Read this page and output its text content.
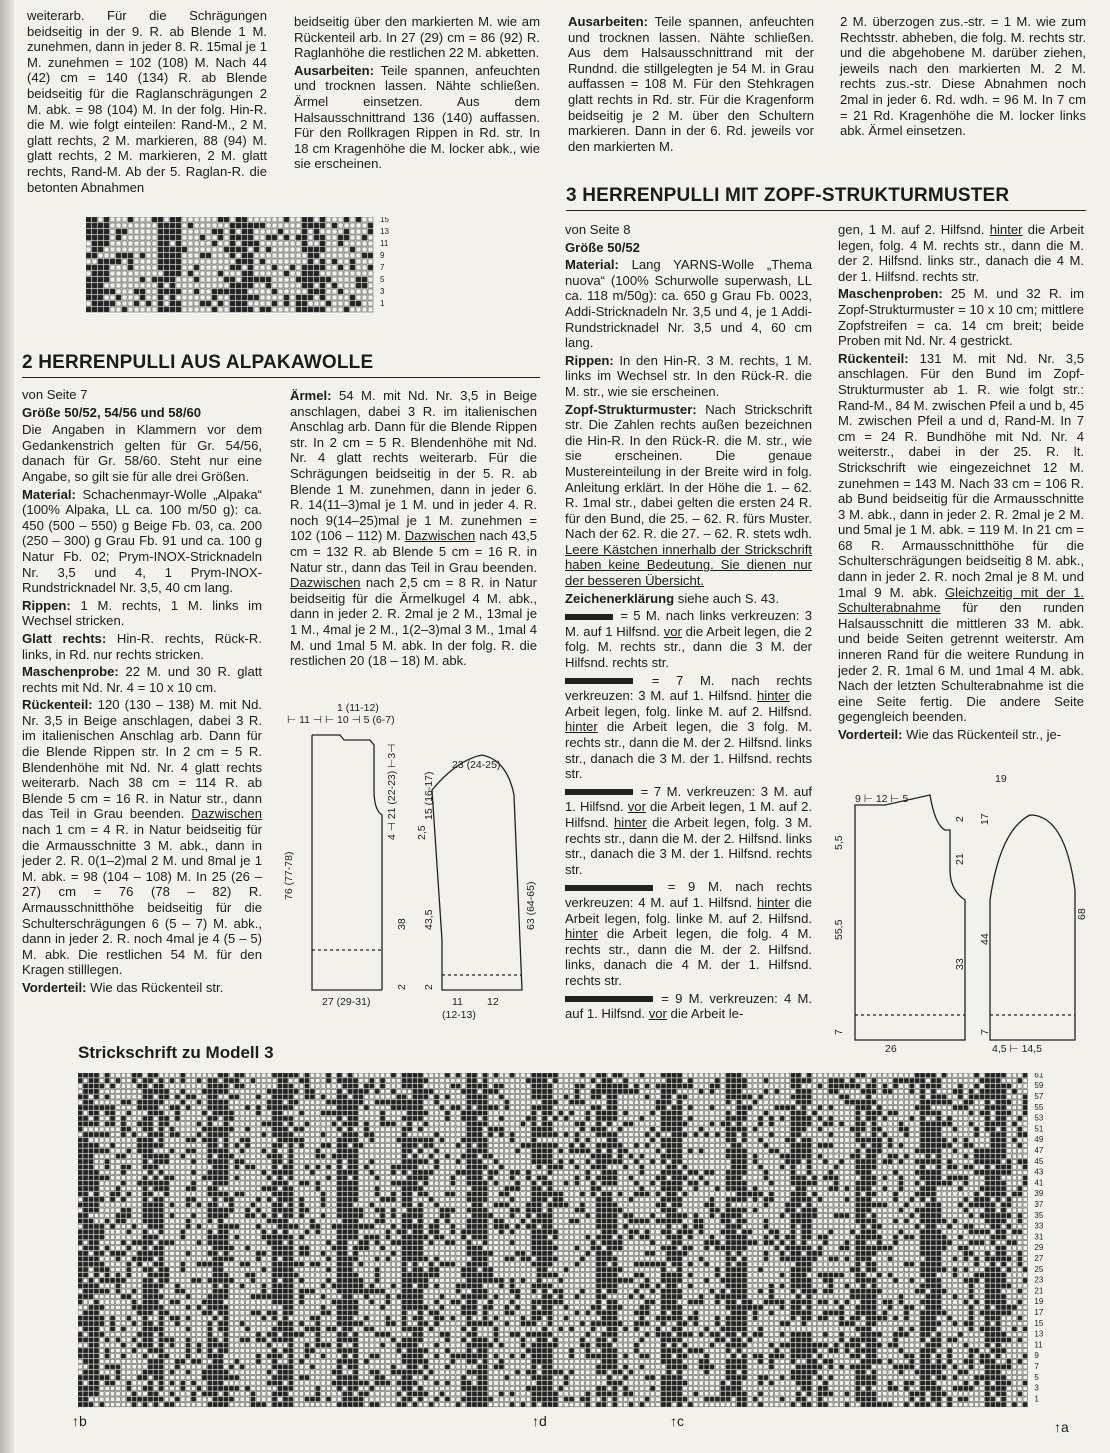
weiterarb. Für die Schrägungen beidseitig in der 9. R. ab Blende 1 M. zunehmen, dann in jeder 8. R. 15mal je 1 M. zunehmen = 102 (108) M. Nach 44 (42) cm = 140 (134) R. ab Blende beidseitig für die Raglanschrägungen 2 M. abk. = 98 (104) M. In der folg. Hin-R. die M. wie folgt einteilen: Rand-M., 2 M. glatt rechts, 2 M. markieren, 88 (94) M. glatt rechts, 2 M. markieren, 2 M. glatt rechts, Rand-M. Ab der 5. Raglan-R. die betonten Abnahmen

beidseitig über den markierten M. wie am Rückenteil arb. In 27 (29) cm = 86 (92) R. Raglanhöhe die restlichen 22 M. abketten.

Ausarbeiten: Teile spannen, anfeuchten und trocknen lassen. Nähte schließen. Ärmel einsetzen. Aus dem Halsausschnittrand 136 (140) auffassen. Für den Rollkragen Rippen in Rd. str. In 18 cm Kragenhöhe die M. locker abk., wie sie erscheinen.

Ausarbeiten: Teile spannen, anfeuchten und trocknen lassen. Nähte schließen. Aus dem Halsausschnittrand mit der Rundnd. die stillgelegten je 54 M. in Grau auffassen = 108 M. Für den Stehkragen glatt rechts in Rd. str. Für die Kragenform beidseitig je 2 M. über den Schultern markieren. Dann in der 6. Rd. jeweils vor den markierten M.

2 M. überzogen zus.-str. = 1 M. wie zum Rechtsstr. abheben, die folg. M. rechts str. und die abgehobene M. darüber ziehen, jeweils nach den markierten M. 2 M. rechts zus.-str. Diese Abnahmen noch 2mal in jeder 6. Rd. wdh. = 96 M. In 7 cm = 21 Rd. Kragenhöhe die M. locker links abk. Ärmel einsetzen.

15
13
11
9
7
5
3
1
3 HERRENPULLI MIT ZOPF-STRUKTURMUSTER
2 HERRENPULLI AUS ALPAKAWOLLE

von Seite 7

Größe 50/52, 54/56 und 58/60

Die Angaben in Klammern vor dem Gedankenstrich gelten für Gr. 54/56, danach für Gr. 58/60. Steht nur eine Angabe, so gilt sie für alle drei Größen.

Material: Schachenmayr-Wolle „Alpaka“ (100% Alpaka, LL ca. 100 m/50 g): ca. 450 (500 – 550) g Beige Fb. 03, ca. 200 (250 – 300) g Grau Fb. 91 und ca. 100 g Natur Fb. 02; Prym-INOX-Stricknadeln Nr. 3,5 und 4, 1 Prym-INOX-Rundstricknadel Nr. 3,5, 40 cm lang.

Rippen: 1 M. rechts, 1 M. links im Wechsel stricken.

Glatt rechts: Hin-R. rechts, Rück-R. links, in Rd. nur rechts stricken.

Maschenprobe: 22 M. und 30 R. glatt rechts mit Nd. Nr. 4 = 10 x 10 cm.

Rückenteil: 120 (130 – 138) M. mit Nd. Nr. 3,5 in Beige anschlagen, dabei 3 R. im italienischen Anschlag arb. Dann für die Blende Rippen str. In 2 cm = 5 R. Blendenhöhe mit Nd. Nr. 4 glatt rechts weiterarb. Nach 38 cm = 114 R. ab Blende 5 cm = 16 R. in Natur str., dann das Teil in Grau beenden. Dazwischen nach 1 cm = 4 R. in Natur beidseitig für die Armausschnitte 3 M. abk., dann in jeder 2. R. 0(1–2)mal 2 M. und 8mal je 1 M. abk. = 98 (104 – 108) M. In 25 (26 – 27) cm = 76 (78 – 82) R. Armausschnitthöhe beidseitig für die Schulterschrägungen 6 (5 – 7) M. abk., dann in jeder 2. R. noch 4mal je 4 (5 – 5) M. abk. Die restlichen 54 M. für den Kragen stilllegen.

Vorderteil: Wie das Rückenteil str.

Ärmel: 54 M. mit Nd. Nr. 3,5 in Beige anschlagen, dabei 3 R. im italienischen Anschlag arb. Dann für die Blende Rippen str. In 2 cm = 5 R. Blendenhöhe mit Nd. Nr. 4 glatt rechts weiterarb. Für die Schrägungen beidseitig in der 5. R. ab Blende 1 M. zunehmen, dann in jeder 6. R. 14(11–3)mal je 1 M. und in jeder 4. R. noch 9(14–25)mal je 1 M. zunehmen = 102 (106 – 112) M. Dazwischen nach 43,5 cm = 132 R. ab Blende 5 cm = 16 R. in Natur str., dann das Teil in Grau beenden. Dazwischen nach 2,5 cm = 8 R. in Natur beidseitig für die Ärmelkugel 4 M. abk., dann in jeder 2. R. 2mal je 2 M., 13mal je 1 M., 4mal je 2 M., 1(2–3)mal 3 M., 1mal 4 M. und 1mal 5 M. abk. In der folg. R. die restlichen 20 (18 – 18) M. abk.

1 (11-12)
⊢ 11 ⊣ ⊢ 10 ⊣ 5 (6-7)
4 ⊣ 21 (22-23) ⊢3⊣
76 (77-78)
38
2
27 (29-31)
23 (24-25)
15 (16-17)
2,5
43,5
2
63 (64-65)
11 12
(12-13)

von Seite 8

Größe 50/52

Material: Lang YARNS-Wolle „Thema nuova“ (100% Schurwolle superwash, LL ca. 118 m/50g): ca. 650 g Grau Fb. 0023, Addi-Stricknadeln Nr. 3,5 und 4, je 1 Addi-Rundstricknadel Nr. 3,5 und 4, 60 cm lang.

Rippen: In den Hin-R. 3 M. rechts, 1 M. links im Wechsel str. In den Rück-R. die M. str., wie sie erscheinen.

Zopf-Strukturmuster: Nach Strickschrift str. Die Zahlen rechts außen bezeichnen die Hin-R. In den Rück-R. die M. str., wie sie erscheinen. Die genaue Mustereinteilung in der Breite wird in folg. Anleitung erklärt. In der Höhe die 1. – 62. R. 1mal str., dabei gelten die ersten 24 R. für den Bund, die 25. – 62. R. fürs Muster. Nach der 62. R. die 27. – 62. R. stets wdh. Leere Kästchen innerhalb der Strickschrift haben keine Bedeutung. Sie dienen nur der besseren Übersicht.

Zeichenerklärung siehe auch S. 43.

= 5 M. nach links verkreuzen: 3 M. auf 1 Hilfsnd. vor die Arbeit legen, die 2 folg. M. rechts str., dann die 3 M. der Hilfsnd. rechts str.

= 7 M. nach rechts verkreuzen: 3 M. auf 1. Hilfsnd. hinter die Arbeit legen, folg. linke M. auf 2. Hilfsnd. hinter die Arbeit legen, die 3 folg. M. rechts str., dann die M. der 2. Hilfsnd. links str., danach die 3 M. der 1. Hilfsnd. rechts str.

= 7 M. verkreuzen: 3 M. auf 1. Hilfsnd. vor die Arbeit legen, 1 M. auf 2. Hilfsnd. hinter die Arbeit legen, folg. 3 M. rechts str., dann die M. der 2. Hilfsnd. links str., danach die 3 M. der 1. Hilfsnd. rechts str.

= 9 M. nach rechts verkreuzen: 4 M. auf 1. Hilfsnd. hinter die Arbeit legen, folg. linke M. auf 2. Hilfsnd. hinter die Arbeit legen, die folg. 4 M. rechts str., dann die M. der 2. Hilfsnd. links, danach die 4 M. der 1. Hilfsnd. rechts str.

= 9 M. verkreuzen: 4 M. auf 1. Hilfsnd. vor die Arbeit le-

gen, 1 M. auf 2. Hilfsnd. hinter die Arbeit legen, folg. 4 M. rechts str., dann die M. der 2. Hilfsnd. links str., danach die 4 M. der 1. Hilfsnd. rechts str.

Maschenproben: 25 M. und 32 R. im Zopf-Strukturmuster = 10 x 10 cm; mittlere Zopfstreifen = ca. 14 cm breit; beide Proben mit Nd. Nr. 4 gestrickt.

Rückenteil: 131 M. mit Nd. Nr. 3,5 anschlagen. Für den Bund im Zopf-Strukturmuster ab 1. R. wie folgt str.: Rand-M., 84 M. zwischen Pfeil a und b, 45 M. zwischen Pfeil a und d, Rand-M. In 7 cm = 24 R. Bundhöhe mit Nd. Nr. 4 weiterstr., dabei in der 25. R. lt. Strickschrift wie eingezeichnet 12 M. zunehmen = 143 M. Nach 33 cm = 106 R. ab Bund beidseitig für die Armausschnitte 3 M. abk., dann in jeder 2. R. 2mal je 2 M. und 5mal je 1 M. abk. = 119 M. In 21 cm = 68 R. Armausschnitthöhe für die Schulterschrägungen beidseitig 8 M. abk., dann in jeder 2. R. noch 2mal je 8 M. und 1mal 9 M. abk. Gleichzeitig mit der 1. Schulterabnahme für den runden Halsausschnitt die mittleren 33 M. abk. und beide Seiten getrennt weiterstr. Am inneren Rand für die weitere Rundung in jeder 2. R. 1mal 6 M. und 1mal 4 M. abk. Nach der letzten Schulterabnahme ist die eine Seite fertig. Die andere Seite gegengleich beenden.

Vorderteil: Wie das Rückenteil str., je-

19
9 ⊢ 12 ⊢ 5
5,5
2 17
21
55,5
33
7
44
7
68
26	4,5 ⊢ 14,5
Strickschrift zu Modell 3
61
59
57
55
53
51
49
47
45
43
41
39
37
35
33
31
29
27
25
23
21
19
17
15
13
11
9
7
5
3
1
↑b	↑d	↑c	↑a
